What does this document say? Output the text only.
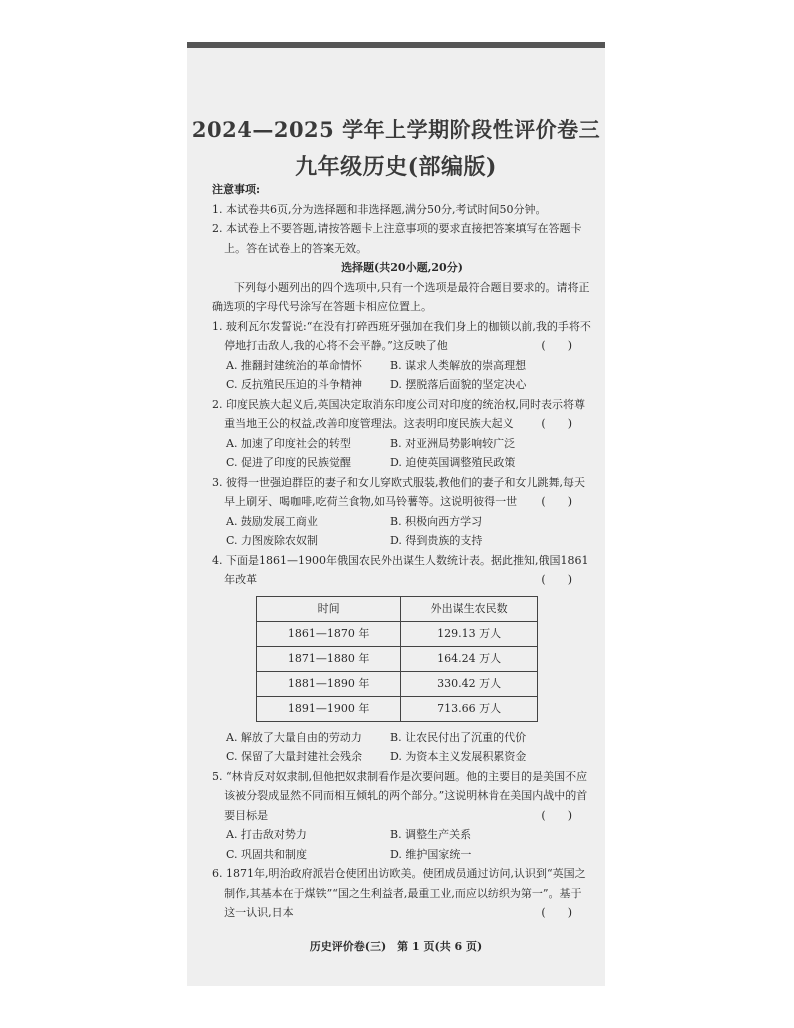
2024—2025 学年上学期阶段性评价卷三
九年级历史(部编版)
注意事项:
1. 本试卷共6页,分为选择题和非选择题,满分50分,考试时间50分钟。
2. 本试卷上不要答题,请按答题卡上注意事项的要求直接把答案填写在答题卡上。答在试卷上的答案无效。
选择题(共20小题,20分)
下列每小题列出的四个选项中,只有一个选项是最符合题目要求的。请将正确选项的字母代号涂写在答题卡相应位置上。
1. 玻利瓦尔发誓说:“在没有打碎西班牙强加在我们身上的枷锁以前,我的手将不停地打击敌人,我的心将不会平静。”这反映了他	(　　)
A. 推翻封建统治的革命情怀	B. 谋求人类解放的崇高理想
C. 反抗殖民压迫的斗争精神	D. 摆脱落后面貌的坚定决心
2. 印度民族大起义后,英国决定取消东印度公司对印度的统治权,同时表示将尊重当地王公的权益,改善印度管理法。这表明印度民族大起义	(　　)
A. 加速了印度社会的转型	B. 对亚洲局势影响较广泛
C. 促进了印度的民族觉醒	D. 迫使英国调整殖民政策
3. 彼得一世强迫群臣的妻子和女儿穿欧式服装,教他们的妻子和女儿跳舞,每天早上刷牙、喝咖啡,吃荷兰食物,如马铃薯等。这说明彼得一世 (　　)
A. 鼓励发展工商业	B. 积极向西方学习
C. 力图废除农奴制	D. 得到贵族的支持
4. 下面是1861—1900年俄国农民外出谋生人数统计表。据此推知,俄国1861年改革	(　　)
时间	外出谋生农民数
1861—1870 年	129.13 万人
1871—1880 年	164.24 万人
1881—1890 年	330.42 万人
1891—1900 年	713.66 万人
A. 解放了大量自由的劳动力	B. 让农民付出了沉重的代价
C. 保留了大量封建社会残余	D. 为资本主义发展积累资金
5. “林肯反对奴隶制,但他把奴隶制看作是次要问题。他的主要目的是美国不应该被分裂成显然不同而相互倾轧的两个部分。”这说明林肯在美国内战中的首要目标是	(　　)
A. 打击敌对势力	B. 调整生产关系
C. 巩固共和制度	D. 维护国家统一
6. 1871年,明治政府派岩仓使团出访欧美。使团成员通过访问,认识到“英国之制作,其基本在于煤铁”“国之生利益者,最重工业,而应以纺织为第一”。基于这一认识,日本	(　　)
历史评价卷(三)　第 1 页(共 6 页)
